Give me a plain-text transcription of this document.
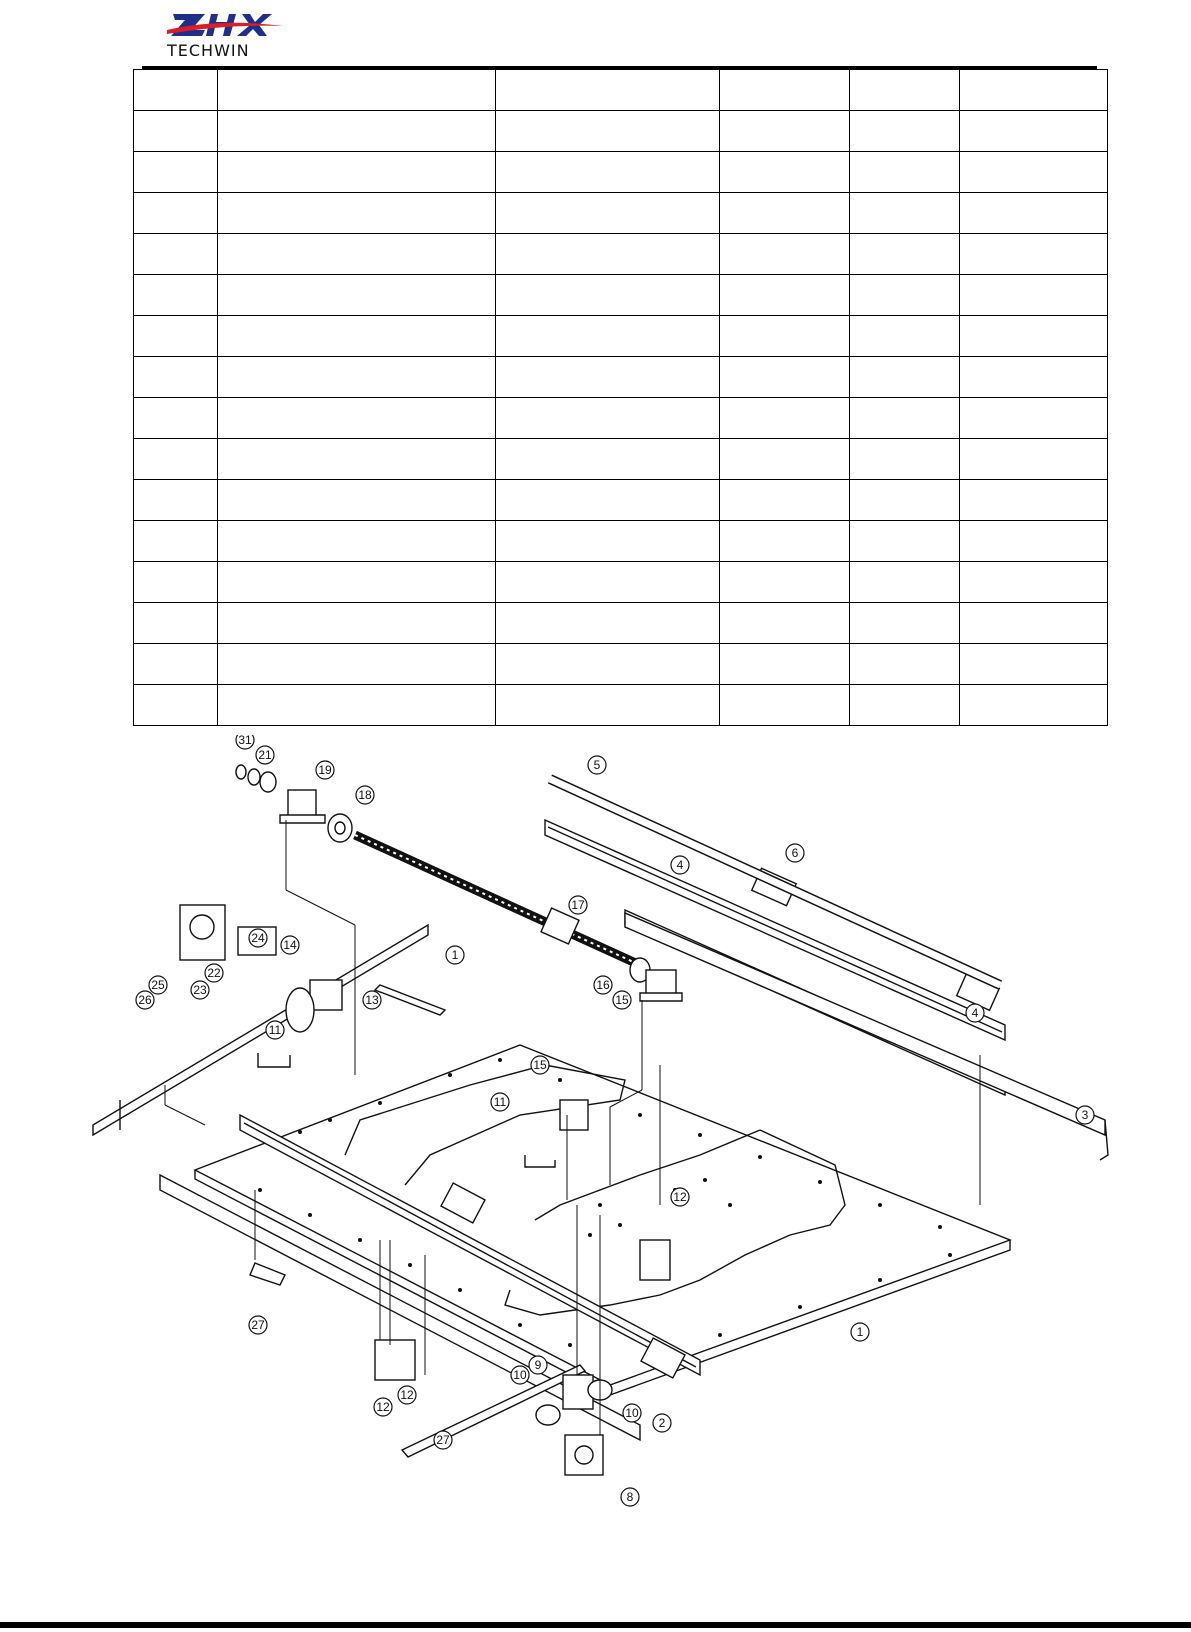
TECHWIN

31
21
19
18
5
4
6
17
1
16
15
4
14
13
11
24
22
23
25
26
15
11
3
12
1
27
12
12
27
10
9
10
2
8
